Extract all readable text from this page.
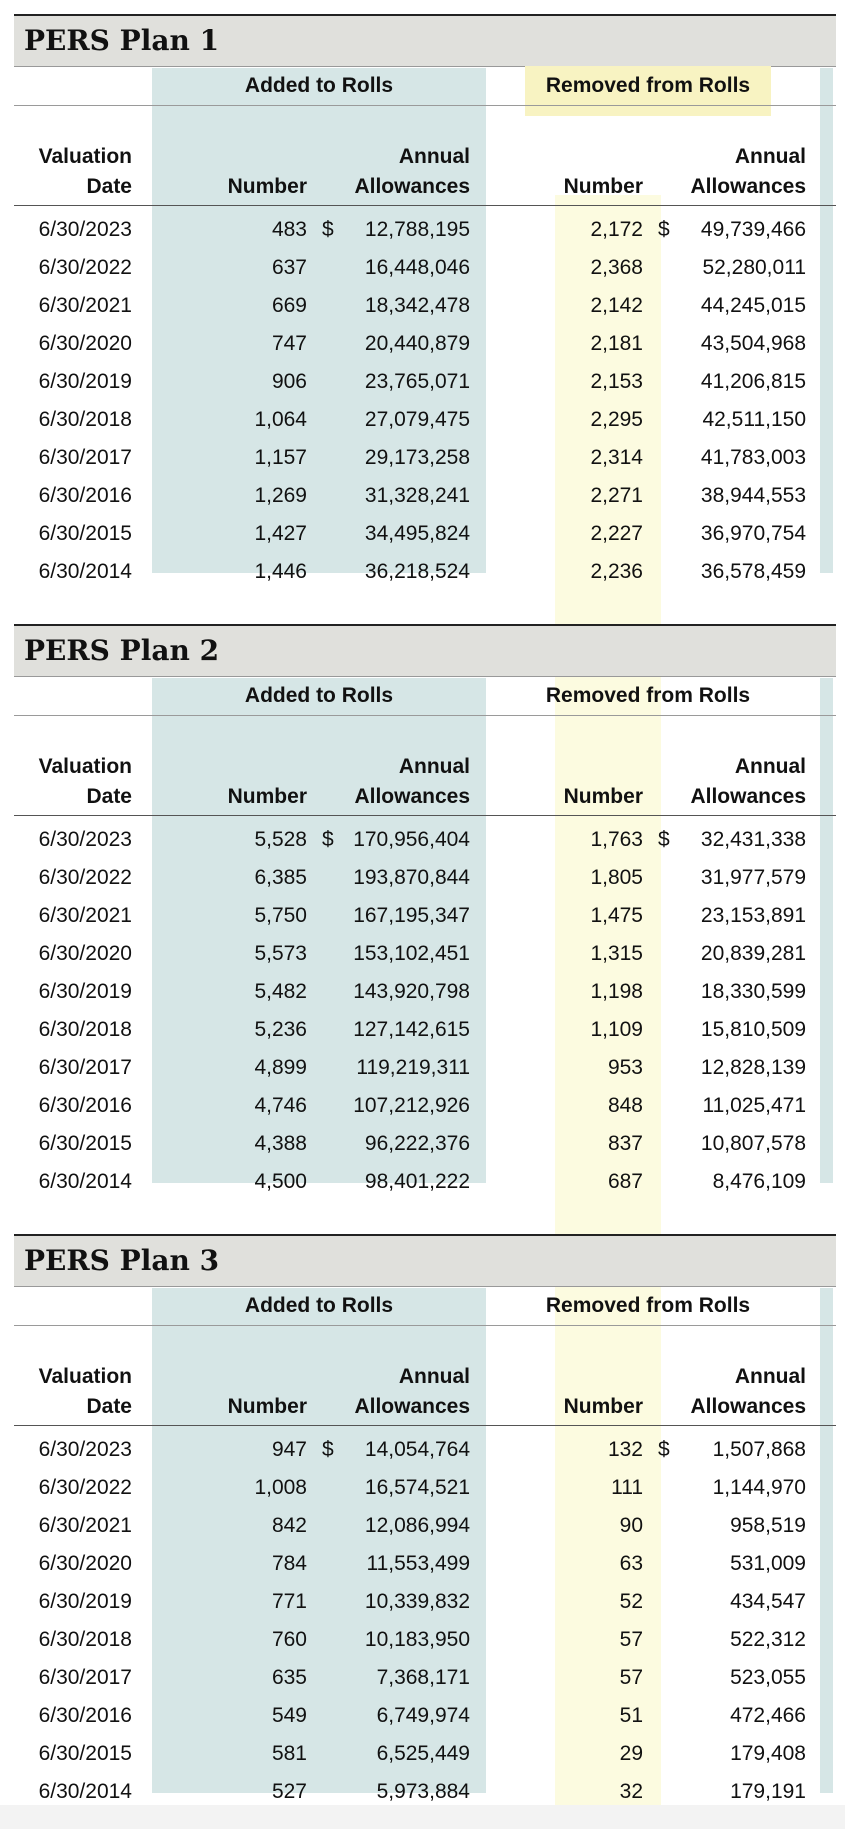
PERS Plan 1
Added to Rolls	Removed from Rolls
Valuation
Date	Number
Annual
Allowances	Number
Annual
Allowances
6/30/2023	483 $ 12,788,195	2,172 $ 49,739,466
6/30/2022	637	16,448,046	2,368	52,280,011
6/30/2021	669	18,342,478	2,142	44,245,015
6/30/2020	747	20,440,879	2,181	43,504,968
6/30/2019	906	23,765,071	2,153	41,206,815
6/30/2018	1,064	27,079,475	2,295	42,511,150
6/30/2017	1,157	29,173,258	2,314	41,783,003
6/30/2016	1,269	31,328,241	2,271	38,944,553
6/30/2015	1,427	34,495,824	2,227	36,970,754
6/30/2014	1,446	36,218,524	2,236	36,578,459
PERS Plan 2
Added to Rolls	Removed from Rolls
Valuation
Date	Number
Annual
Allowances	Number
Annual
Allowances
6/30/2023	5,528 $ 170,956,404	1,763 $ 32,431,338
6/30/2022	6,385 193,870,844	1,805	31,977,579
6/30/2021	5,750 167,195,347	1,475	23,153,891
6/30/2020	5,573 153,102,451	1,315	20,839,281
6/30/2019	5,482 143,920,798	1,198	18,330,599
6/30/2018	5,236 127,142,615	1,109	15,810,509
6/30/2017	4,899 119,219,311	953	12,828,139
6/30/2016	4,746 107,212,926	848	11,025,471
6/30/2015	4,388	96,222,376	837	10,807,578
6/30/2014	4,500	98,401,222	687	8,476,109
PERS Plan 3
Added to Rolls	Removed from Rolls
Valuation
Date	Number
Annual
Allowances	Number
Annual
Allowances
6/30/2023	947 $ 14,054,764	132 $ 1,507,868
6/30/2022	1,008	16,574,521	111	1,144,970
6/30/2021	842	12,086,994	90	958,519
6/30/2020	784	11,553,499	63	531,009
6/30/2019	771	10,339,832	52	434,547
6/30/2018	760	10,183,950	57	522,312
6/30/2017	635	7,368,171	57	523,055
6/30/2016	549	6,749,974	51	472,466
6/30/2015	581	6,525,449	29	179,408
6/30/2014	527	5,973,884	32	179,191
